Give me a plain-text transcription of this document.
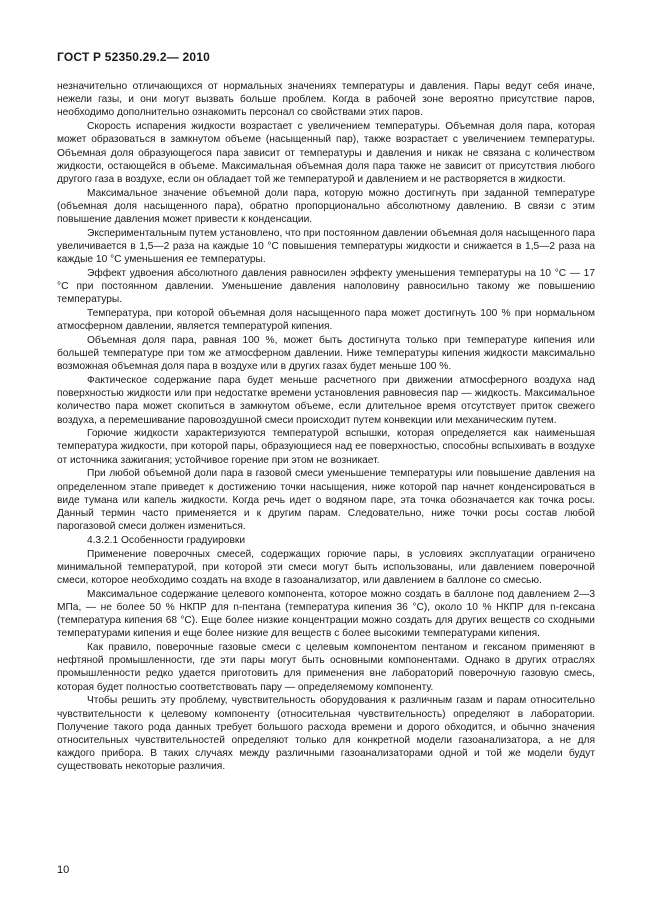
ГОСТ Р 52350.29.2— 2010

незначительно отличающихся от нормальных значениях температуры и давления. Пары ведут себя иначе, нежели газы, и они могут вызвать больше проблем. Когда в рабочей зоне вероятно присутствие паров, необходимо дополнительно ознакомить персонал со свойствами этих паров.

Скорость испарения жидкости возрастает с увеличением температуры. Объемная доля пара, которая может образоваться в замкнутом объеме (насыщенный пар), также возрастает с увеличением температуры. Объемная доля образующегося пара зависит от температуры и давления и никак не связана с количеством жидкости, остающейся в объеме. Максимальная объемная доля пара также не зависит от присутствия любого другого газа в воздухе, если он обладает той же температурой и давлением и не растворяется в жидкости.

Максимальное значение объемной доли пара, которую можно достигнуть при заданной температуре (объемная доля насыщенного пара), обратно пропорционально абсолютному давлению. В связи с этим повышение давления может привести к конденсации.

Экспериментальным путем установлено, что при постоянном давлении объемная доля насыщенного пара увеличивается в 1,5—2 раза на каждые 10 °С повышения температуры жидкости и снижается в 1,5—2 раза на каждые 10 °С уменьшения ее температуры.

Эффект удвоения абсолютного давления равносилен эффекту уменьшения температуры на 10 °С — 17 °С при постоянном давлении. Уменьшение давления наполовину равносильно такому же повышению температуры.

Температура, при которой объемная доля насыщенного пара может достигнуть 100 % при нормальном атмосферном давлении, является температурой кипения.

Объемная доля пара, равная 100 %, может быть достигнута только при температуре кипения или большей температуре при том же атмосферном давлении. Ниже температуры кипения жидкости максимально возможная объемная доля пара в воздухе или в других газах будет меньше 100 %.

Фактическое содержание пара будет меньше расчетного при движении атмосферного воздуха над поверхностью жидкости или при недостатке времени установления равновесия пар — жидкость. Максимальное количество пара может скопиться в замкнутом объеме, если длительное время отсутствует приток свежего воздуха, а перемешивание паровоздушной смеси происходит путем конвекции или механическим путем.

Горючие жидкости характеризуются температурой вспышки, которая определяется как наименьшая температура жидкости, при которой пары, образующиеся над ее поверхностью, способны вспыхивать в воздухе от источника зажигания; устойчивое горение при этом не возникает.

При любой объемной доли пара в газовой смеси уменьшение температуры или повышение давления на определенном этапе приведет к достижению точки насыщения, ниже которой пар начнет конденсироваться в виде тумана или капель жидкости. Когда речь идет о водяном паре, эта точка обозначается как точка росы. Данный термин часто применяется и к другим парам. Следовательно, ниже точки росы состав любой парогазовой смеси должен измениться.

4.3.2.1 Особенности градуировки

Применение поверочных смесей, содержащих горючие пары, в условиях эксплуатации ограничено минимальной температурой, при которой эти смеси могут быть использованы, или давлением поверочной смеси, которое необходимо создать на входе в газоанализатор, или давлением в баллоне со смесью.

Максимальное содержание целевого компонента, которое можно создать в баллоне под давлением 2—3 МПа, — не более 50 % НКПР для n-пентана (температура кипения 36 °С), около 10 % НКПР для n-гексана (температура кипения 68 °С). Еще более низкие концентрации можно создать для других веществ со сходными температурами кипения и еще более низкие для веществ с более высокими температурами кипения.

Как правило, поверочные газовые смеси с целевым компонентом пентаном и гексаном применяют в нефтяной промышленности, где эти пары могут быть основными компонентами. Однако в других отраслях промышленности редко удается приготовить для применения вне лабораторий поверочную газовую смесь, которая будет полностью соответствовать пару — определяемому компоненту.

Чтобы решить эту проблему, чувствительность оборудования к различным газам и парам относительно чувствительности к целевому компоненту (относительная чувствительность) определяют в лаборатории. Получение такого рода данных требует большого расхода времени и дорого обходится, и обычно значения относительных чувствительностей определяют только для конкретной модели газоанализатора, а не для каждого прибора. В таких случаях между различными газоанализаторами одной и той же модели будут существовать некоторые различия.

10
